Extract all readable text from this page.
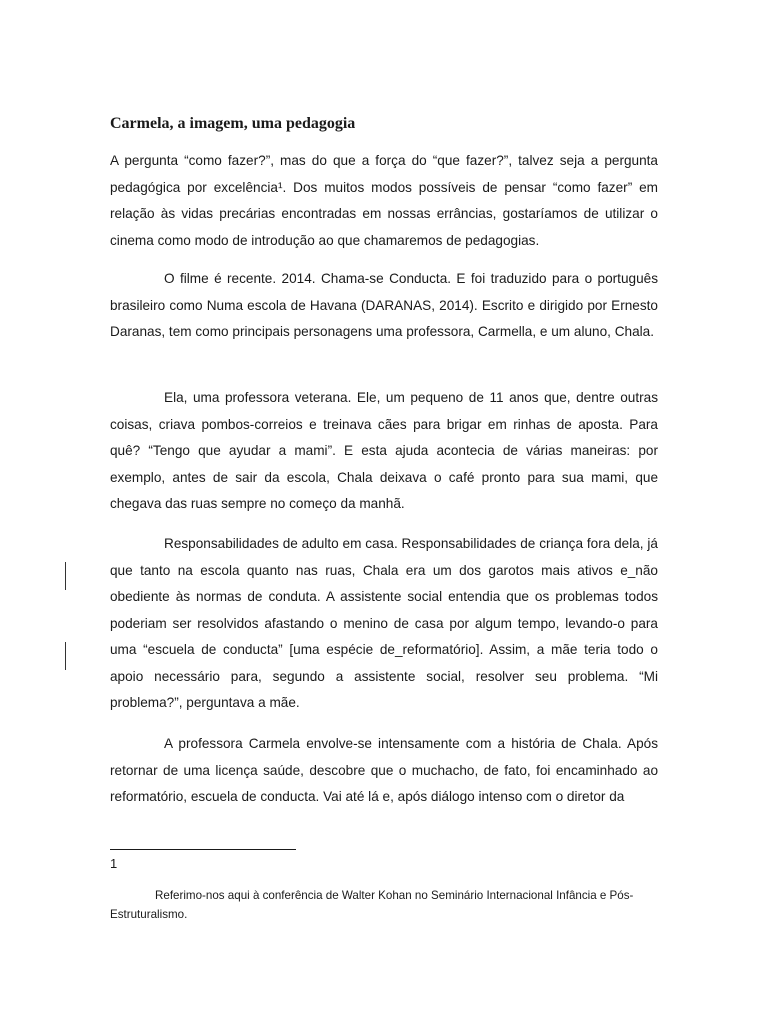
Carmela, a imagem, uma pedagogia

A pergunta “como fazer?”, mas do que a força do “que fazer?”, talvez seja a pergunta pedagógica por excelência¹. Dos muitos modos possíveis de pensar “como fazer” em relação às vidas precárias encontradas em nossas errâncias, gostaríamos de utilizar o cinema como modo de introdução ao que chamaremos de pedagogias.

O filme é recente. 2014. Chama-se Conducta. E foi traduzido para o português brasileiro como Numa escola de Havana (DARANAS, 2014). Escrito e dirigido por Ernesto Daranas, tem como principais personagens uma professora, Carmella, e um aluno, Chala.

Ela, uma professora veterana. Ele, um pequeno de 11 anos que, dentre outras coisas, criava pombos-correios e treinava cães para brigar em rinhas de aposta. Para quê? “Tengo que ayudar a mami”. E esta ajuda acontecia de várias maneiras: por exemplo, antes de sair da escola, Chala deixava o café pronto para sua mami, que chegava das ruas sempre no começo da manhã.

Responsabilidades de adulto em casa. Responsabilidades de criança fora dela, já que tanto na escola quanto nas ruas, Chala era um dos garotos mais ativos e_não obediente às normas de conduta. A assistente social entendia que os problemas todos poderiam ser resolvidos afastando o menino de casa por algum tempo, levando-o para uma “escuela de conducta” [uma espécie de_reformatório]. Assim, a mãe teria todo o apoio necessário para, segundo a assistente social, resolver seu problema. “Mi problema?”, perguntava a mãe.

A professora Carmela envolve-se intensamente com a história de Chala. Após retornar de uma licença saúde, descobre que o muchacho, de fato, foi encaminhado ao reformatório, escuela de conducta. Vai até lá e, após diálogo intenso com o diretor da

1

Referimo-nos aqui à conferência de Walter Kohan no Seminário Internacional Infância e Pós-Estruturalismo.
